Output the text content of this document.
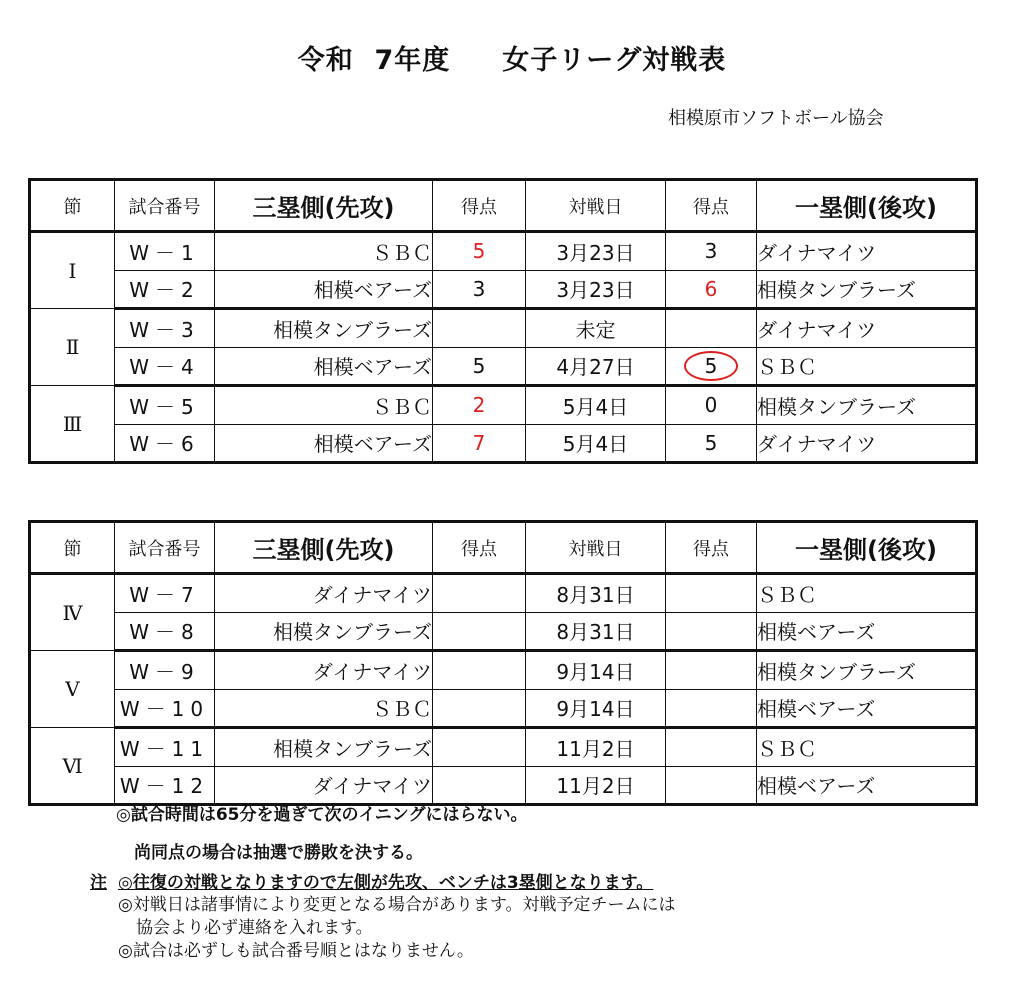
令和  7年度     女子リーグ対戦表
相模原市ソフトボール協会
節	試合番号	三塁側(先攻)	得点	対戦日	得点	一塁側(後攻)
Ⅰ	W－1	ＳＢＣ	5	3月23日	3	ダイナマイツ
	W－2	相模ベアーズ	3	3月23日	6	相模タンブラーズ
Ⅱ	W－3	相模タンブラーズ		未定		ダイナマイツ
	W－4	相模ベアーズ	5	4月27日	5	ＳＢＣ
Ⅲ	W－5	ＳＢＣ	2	5月4日	0	相模タンブラーズ
	W－6	相模ベアーズ	7	5月4日	5	ダイナマイツ
節	試合番号	三塁側(先攻)	得点	対戦日	得点	一塁側(後攻)
Ⅳ	W－7	ダイナマイツ		8月31日		ＳＢＣ
	W－8	相模タンブラーズ		8月31日		相模ベアーズ
Ⅴ	W－9	ダイナマイツ		9月14日		相模タンブラーズ
	W－10	ＳＢＣ		9月14日		相模ベアーズ
Ⅵ	W－11	相模タンブラーズ		11月2日		ＳＢＣ
	W－12	ダイナマイツ		11月2日		相模ベアーズ
◎試合時間は65分を過ぎて次のイニングにはらない。
尚同点の場合は抽選で勝敗を決する。
注 ◎往復の対戦となりますので左側が先攻、ベンチは3塁側となります。
◎対戦日は諸事情により変更となる場合があります。対戦予定チームには
協会より必ず連絡を入れます。
◎試合は必ずしも試合番号順とはなりません。
